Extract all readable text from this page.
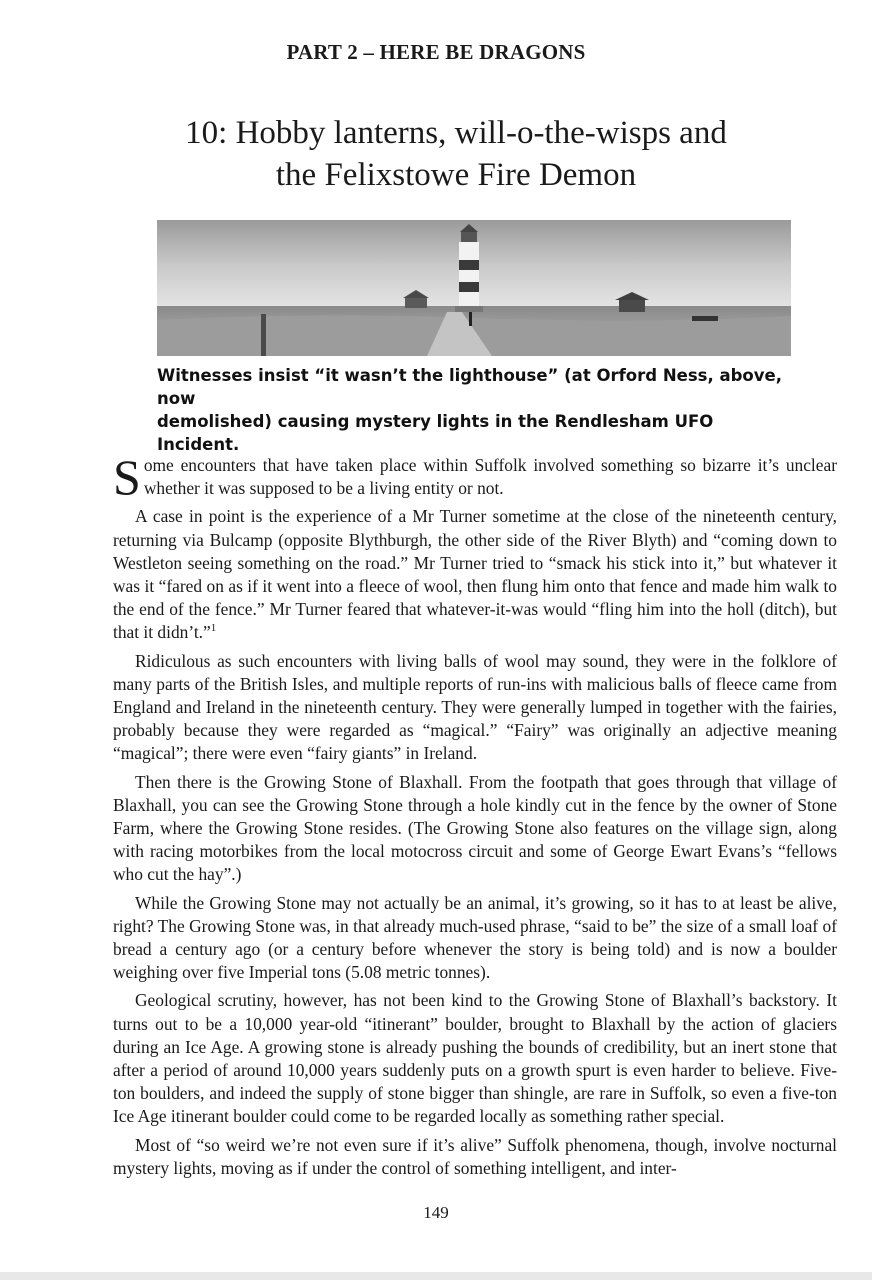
PART 2 – HERE BE DRAGONS
10: Hobby lanterns, will-o-the-wisps and
the Felixstowe Fire Demon
Witnesses insist “it wasn’t the lighthouse” (at Orford Ness, above, now
demolished) causing mystery lights in the Rendlesham UFO Incident.

Some encounters that have taken place within Suffolk involved something so bizarre it’s unclear whether it was supposed to be a living entity or not.

A case in point is the experience of a Mr Turner sometime at the close of the nineteenth century, returning via Bulcamp (opposite Blythburgh, the other side of the River Blyth) and “coming down to Westleton seeing something on the road.” Mr Turner tried to “smack his stick into it,” but whatever it was it “fared on as if it went into a fleece of wool, then flung him onto that fence and made him walk to the end of the fence.” Mr Turner feared that whatever-it-was would “fling him into the holl (ditch), but that it didn’t.”$^1$

Ridiculous as such encounters with living balls of wool may sound, they were in the folklore of many parts of the British Isles, and multiple reports of run-ins with malicious balls of fleece came from England and Ireland in the nineteenth century. They were generally lumped in together with the fairies, probably because they were regarded as “magical.” “Fairy” was originally an adjective meaning “magical”; there were even “fairy giants” in Ireland.

Then there is the Growing Stone of Blaxhall. From the footpath that goes through that village of Blaxhall, you can see the Growing Stone through a hole kindly cut in the fence by the owner of Stone Farm, where the Growing Stone resides. (The Growing Stone also features on the village sign, along with racing motorbikes from the local motocross circuit and some of George Ewart Evans’s “fellows who cut the hay”.)

While the Growing Stone may not actually be an animal, it’s growing, so it has to at least be alive, right? The Growing Stone was, in that already much-used phrase, “said to be” the size of a small loaf of bread a century ago (or a century before whenever the story is being told) and is now a boulder weighing over five Imperial tons (5.08 metric tonnes).

Geological scrutiny, however, has not been kind to the Growing Stone of Blaxhall’s backstory. It turns out to be a 10,000 year-old “itinerant” boulder, brought to Blaxhall by the action of glaciers during an Ice Age. A growing stone is already pushing the bounds of credibility, but an inert stone that after a period of around 10,000 years suddenly puts on a growth spurt is even harder to believe. Five-ton boulders, and indeed the supply of stone bigger than shingle, are rare in Suffolk, so even a five-ton Ice Age itinerant boulder could come to be regarded locally as something rather special.

Most of “so weird we’re not even sure if it’s alive” Suffolk phenomena, though, involve nocturnal mystery lights, moving as if under the control of something intelligent, and inter-

149
